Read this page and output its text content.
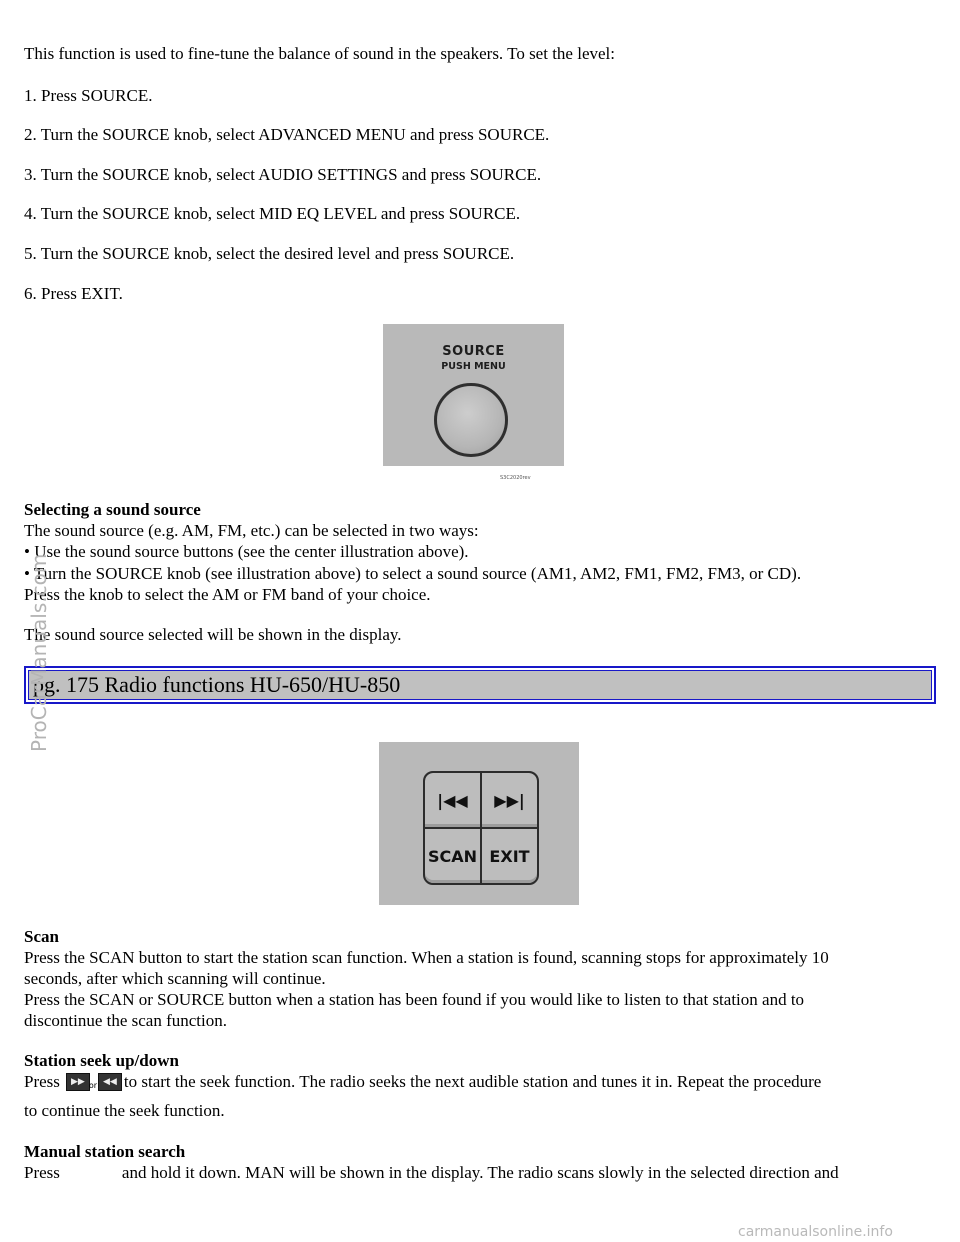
This function is used to fine-tune the balance of sound in the speakers. To set the level:
1. Press SOURCE.
2. Turn the SOURCE knob, select ADVANCED MENU and press SOURCE.
3. Turn the SOURCE knob, select AUDIO SETTINGS and press SOURCE.
4. Turn the SOURCE knob, select MID EQ LEVEL and press SOURCE.
5. Turn the SOURCE knob, select the desired level and press SOURCE.
6. Press EXIT.
SOURCE
PUSH MENU
S3C2020rev
Selecting a sound source
The sound source (e.g. AM, FM, etc.) can be selected in two ways:
• Use the sound source buttons (see the center illustration above).
• Turn the SOURCE knob (see illustration above) to select a sound source (AM1, AM2, FM1, FM2, FM3, or CD).
Press the knob to select the AM or FM band of your choice.
The sound source selected will be shown in the display.
pg. 175 Radio functions HU-650/HU-850
|◀◀	▶▶|
SCAN EXIT
Scan
Press the SCAN button to start the station scan function. When a station is found, scanning stops for approximately 10
seconds, after which scanning will continue.
Press the SCAN or SOURCE button when a station has been found if you would like to listen to that station and to
discontinue the scan function.
Station seek up/down
Press	▶▶ or ◀◀ to start the seek function. The radio seeks the next audible station and tunes it in. Repeat the procedure
to continue the seek function.
Manual station search
Press	and hold it down. MAN will be shown in the display. The radio scans slowly in the selected direction and
ProCarManuals.com
carmanualsonline.info
